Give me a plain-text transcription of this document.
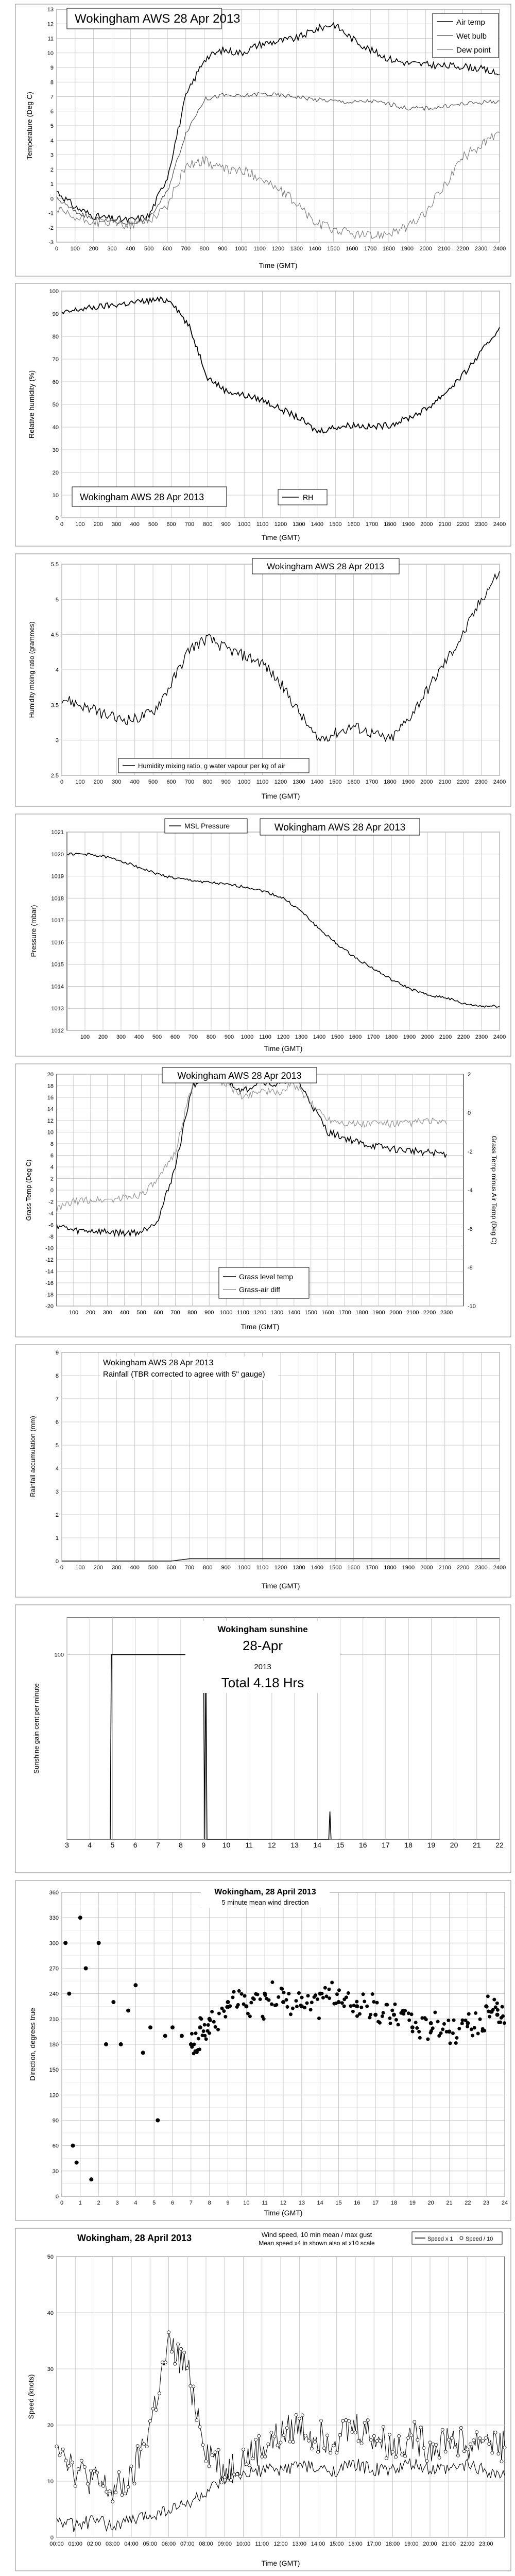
0 100 200 300 400 500 600 700 800 900 1000 1100 1200 1300 1400 1500 1600 1700 1800 1900 2000 2100 2200 2300 2400
-3
-2
-1
0
1
2
3
4
5
6
7
8
9
10
11
12
13
Wokingham AWS 28 Apr 2013	Air temp
Wet bulb
Dew point
Time (GMT)
Temperature (Deg C)
0 100 200 300 400 500 600 700 800 900 1000 1100 1200 1300 1400 1500 1600 1700 1800 1900 2000 2100 2200 2300 2400
0
10
20
30
40
50
60
70
80
90
100
Wokingham AWS 28 Apr 2013	RH
Time (GMT)
Relative humidity (%)
0 100 200 300 400 500 600 700 800 900 1000 1100 1200 1300 1400 1500 1600 1700 1800 1900 2000 2100 2200 2300 2400
2.5
3
3.5
4
4.5
5
5.5	Wokingham AWS 28 Apr 2013
Humidity mixing ratio, g water vapour per kg of air
Time (GMT)
Humidity mixing ratio (grammes)
100 200 300 400 500 600 700 800 900 1000 1100 1200 1300 1400 1500 1600 1700 1800 1900 2000 2100 2200 2300 2400
1012
1013
1014
1015
1016
1017
1018
1019
1020
1021
MSL Pressure	Wokingham AWS 28 Apr 2013
Time (GMT)
Pressure (mbar)
100 200 300 400 500 600 700 800 900 1000 1100 1200 1300 1400 1500 1600 1700 1800 1900 2000 2100 2200 2300
-20
-18
-16
-14
-12
-10
-8
-6
-4
-2
0
2
4
6
8
10
12
14
16
18
20
-10
-8
-6
-4
-2
0
2
Wokingham AWS 28 Apr 2013
Grass level temp
Grass-air diff
Time (GMT)
Grass Temp (Deg C)	Grass Temp minus Air Temp (Deg C)
0 100 200 300 400 500 600 700 800 900 1000 1100 1200 1300 1400 1500 1600 1700 1800 1900 2000 2100 2200 2300 2400
0
1
2
3
4
5
6
7
8
9
Wokingham AWS 28 Apr 2013
Rainfall (TBR corrected to agree with 5" gauge)
Time (GMT)
Rainfall accumulation (mm)
3	4	5	6	7	8	9 10 11 12 13 14 15 16 17 18 19 20 21 22
100
Wokingham sunshine
28-Apr
2013
Total 4.18 Hrs
Sunshine gain cent per minute
0	1	2	3	4	5	6	7	8	9 10 11 12 13 14 15 16 17 18 19 20 21 22 23 24
0
30
60
90
120
150
180
210
240
270
300
330
360	Wokingham, 28 April 2013
5 minute mean wind direction
Time (GMT)
Direction, degrees true
00:00 01:00 02:00 03:00 04:00 05:00 06:00 07:00 08:00 09:00 10:00 11:00 12:00 13:00 14:00 15:00 16:00 17:00 18:00 19:00 20:00 21:00 22:00 23:00
0
10
20
30
40
50
Wokingham, 28 April 2013	Wind speed, 10 min mean / max gust
Mean speed x4 in shown also at x10 scale
Speed x 1 Speed / 10
Time (GMT)
Speed (knots)
